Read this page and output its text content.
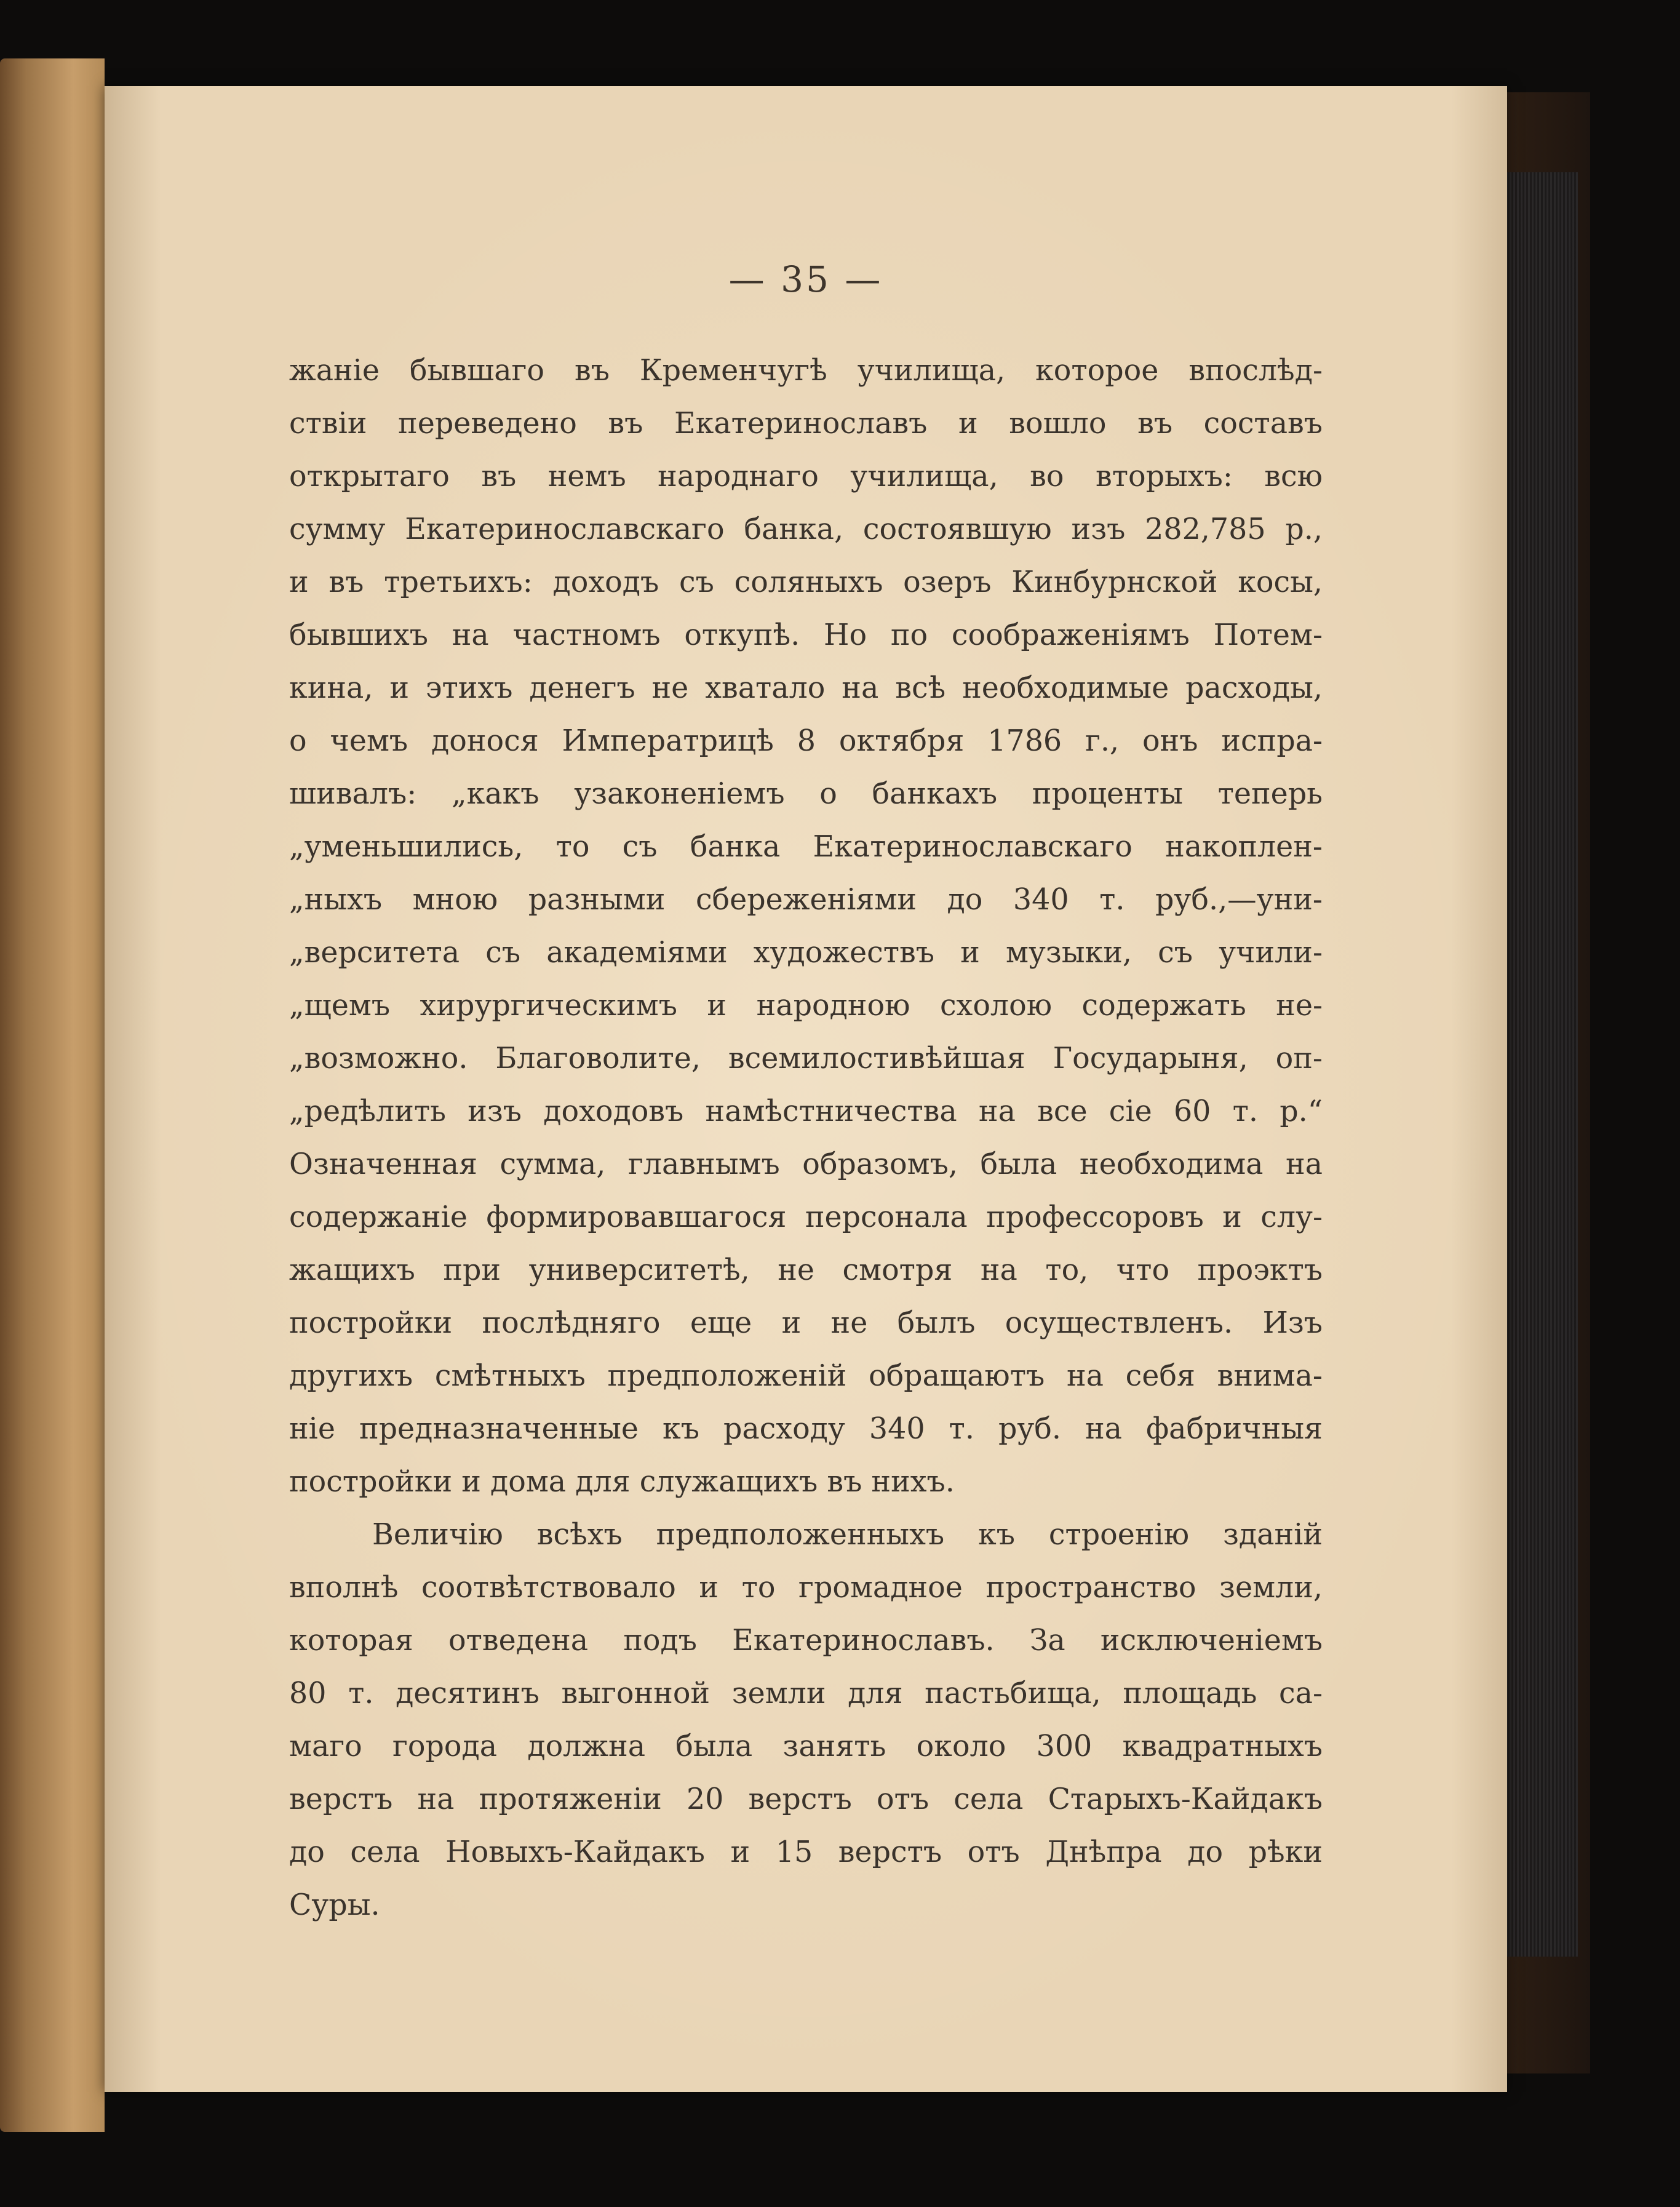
— 35 —
жаніе бывшаго въ Кременчугѣ училища, которое впослѣд-
ствіи переведено въ Екатеринославъ и вошло въ составъ
открытаго въ немъ народнаго училища, во вторыхъ: всю
сумму Екатеринославскаго банка, состоявшую изъ 282,785 р.,
и въ третьихъ: доходъ съ соляныхъ озеръ Кинбурнской косы,
бывшихъ на частномъ откупѣ. Но по соображеніямъ Потем-
кина, и этихъ денегъ не хватало на всѣ необходимые расходы,
о чемъ донося Императрицѣ 8 октября 1786 г., онъ испра-
шивалъ: „какъ узаконеніемъ о банкахъ проценты теперь
„уменьшились, то съ банка Екатеринославскаго накоплен-
„ныхъ мною разными сбереженіями до 340 т. руб.,—уни-
„верситета съ академіями художествъ и музыки, съ учили-
„щемъ хирургическимъ и народною схолою содержать не-
„возможно. Благоволите, всемилостивѣйшая Государыня, оп-
„редѣлить изъ доходовъ намѣстничества на все сіе 60 т. р.“
Означенная сумма, главнымъ образомъ, была необходима на
содержаніе формировавшагося персонала профессоровъ и слу-
жащихъ при университетѣ, не смотря на то, что проэктъ
постройки послѣдняго еще и не былъ осуществленъ. Изъ
другихъ смѣтныхъ предположеній обращаютъ на себя внима-
ніе предназначенные къ расходу 340 т. руб. на фабричныя
постройки и дома для служащихъ въ нихъ.
Величію всѣхъ предположенныхъ къ строенію зданій
вполнѣ соотвѣтствовало и то громадное пространство земли,
которая отведена подъ Екатеринославъ. За исключеніемъ
80 т. десятинъ выгонной земли для пастьбища, площадь са-
маго города должна была занять около 300 квадратныхъ
верстъ на протяженіи 20 верстъ отъ села Старыхъ-Кайдакъ
до села Новыхъ-Кайдакъ и 15 верстъ отъ Днѣпра до рѣки
Суры.
